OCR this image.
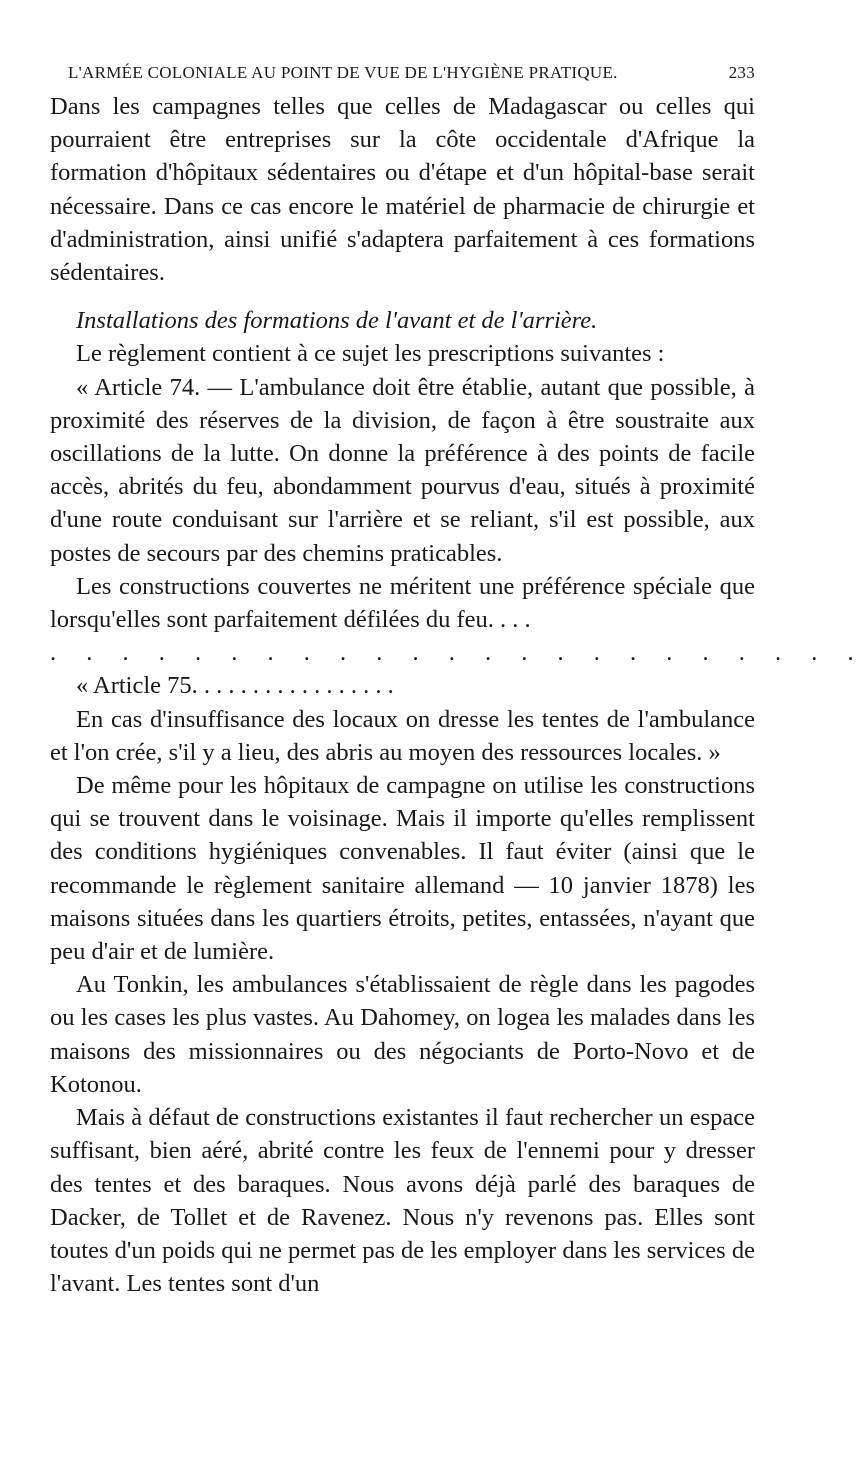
L'ARMÉE COLONIALE AU POINT DE VUE DE L'HYGIÈNE PRATIQUE.	233

Dans les campagnes telles que celles de Madagascar ou celles qui pourraient être entreprises sur la côte occidentale d'Afrique la formation d'hôpitaux sédentaires ou d'étape et d'un hôpital-base serait nécessaire. Dans ce cas encore le matériel de pharmacie de chirurgie et d'administration, ainsi unifié s'adaptera parfaitement à ces formations sédentaires.

Installations des formations de l'avant et de l'arrière.

Le règlement contient à ce sujet les prescriptions suivantes :

« Article 74. — L'ambulance doit être établie, autant que possible, à proximité des réserves de la division, de façon à être soustraite aux oscillations de la lutte. On donne la préférence à des points de facile accès, abrités du feu, abondamment pourvus d'eau, situés à proximité d'une route conduisant sur l'arrière et se reliant, s'il est possible, aux postes de secours par des chemins praticables.

Les constructions couvertes ne méritent une préférence spéciale que lorsqu'elles sont parfaitement défilées du feu. . . .

. . . . . . . . . . . . . . . . . . . . . . .

« Article 75. . . . . . . . . . . . . . . . .

En cas d'insuffisance des locaux on dresse les tentes de l'ambulance et l'on crée, s'il y a lieu, des abris au moyen des ressources locales. »

De même pour les hôpitaux de campagne on utilise les constructions qui se trouvent dans le voisinage. Mais il importe qu'elles remplissent des conditions hygiéniques convenables. Il faut éviter (ainsi que le recommande le règlement sanitaire allemand — 10 janvier 1878) les maisons situées dans les quartiers étroits, petites, entassées, n'ayant que peu d'air et de lumière.

Au Tonkin, les ambulances s'établissaient de règle dans les pagodes ou les cases les plus vastes. Au Dahomey, on logea les malades dans les maisons des missionnaires ou des négociants de Porto-Novo et de Kotonou.

Mais à défaut de constructions existantes il faut rechercher un espace suffisant, bien aéré, abrité contre les feux de l'ennemi pour y dresser des tentes et des baraques. Nous avons déjà parlé des baraques de Dacker, de Tollet et de Ravenez. Nous n'y revenons pas. Elles sont toutes d'un poids qui ne permet pas de les employer dans les services de l'avant. Les tentes sont d'un
